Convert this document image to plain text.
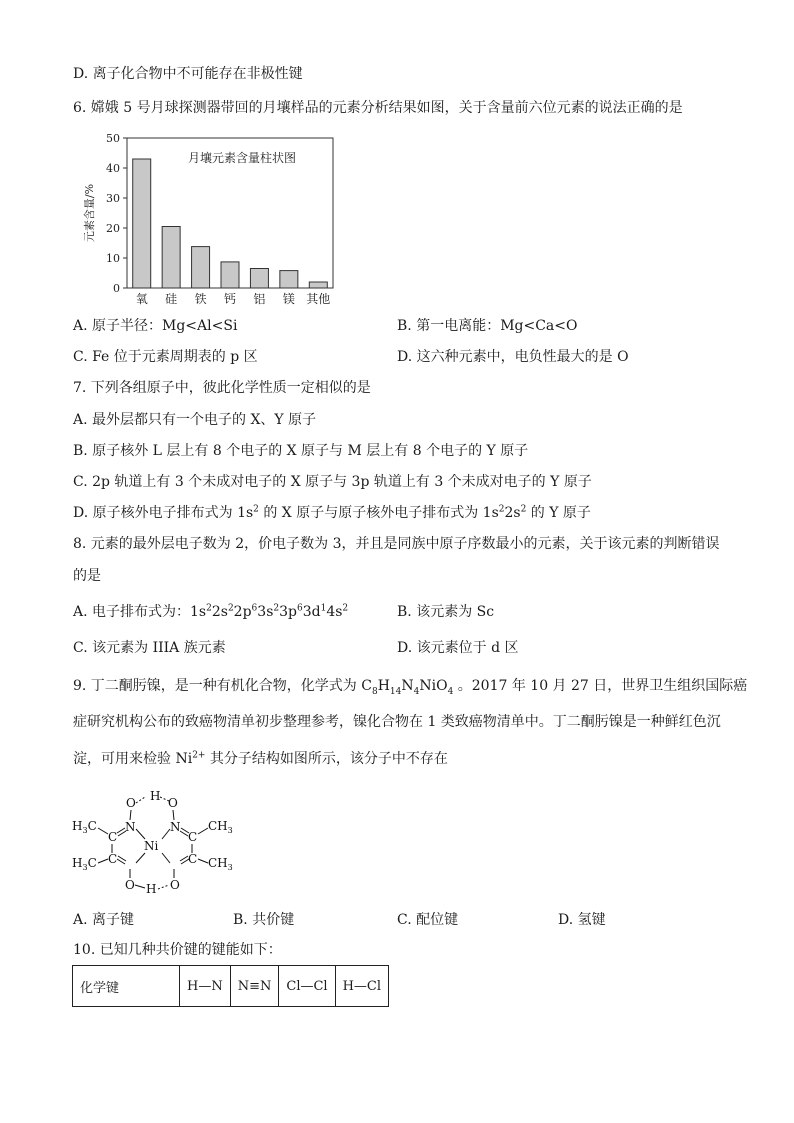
D. 离子化合物中不可能存在非极性键
6. 嫦娥 5 号月球探测器带回的月壤样品的元素分析结果如图，关于含量前六位元素的说法正确的是
月壤元素含量柱状图
元素含量/%
0
10
20
30
40
50
氧 硅 铁 钙 铝 镁 其他
A. 原子半径：Mg<Al<Si	B. 第一电离能：Mg<Ca<O
C. Fe 位于元素周期表的 p 区	D. 这六种元素中，电负性最大的是 O
7. 下列各组原子中，彼此化学性质一定相似的是
A. 最外层都只有一个电子的 X、Y 原子
B. 原子核外 L 层上有 8 个电子的 X 原子与 M 层上有 8 个电子的 Y 原子
C. 2p 轨道上有 3 个未成对电子的 X 原子与 3p 轨道上有 3 个未成对电子的 Y 原子
D. 原子核外电子排布式为 $1s^2$ 的 X 原子与原子核外电子排布式为 $1s^22s^2$ 的 Y 原子
8. 元素的最外层电子数为 2，价电子数为 3，并且是同族中原子序数最小的元素，关于该元素的判断错误
的是
A. 电子排布式为：$1s^22s^22p^63s^23p^63d^14s^2$	B. 该元素为 Sc
C. 该元素为 IIIA 族元素	D. 该元素位于 d 区
9. 丁二酮肟镍，是一种有机化合物，化学式为 $C_8H_{14}N_4NiO_4$ 。2017 年 10 月 27 日，世界卫生组织国际癌
症研究机构公布的致癌物清单初步整理参考，镍化合物在 1 类致癌物清单中。丁二酮肟镍是一种鲜红色沉
淀，可用来检验 $Ni^{2+}$ 其分子结构如图所示，该分子中不存在
O H O
N	N
Ni
C
C
C
C
$H_3C$
$H_3C$
$CH_3$
$CH_3$
O H O
A. 离子键	B. 共价键	C. 配位键	D. 氢键
10. 已知几种共价键的键能如下：
化学键	H—N	N≡N	Cl—Cl	H—Cl
